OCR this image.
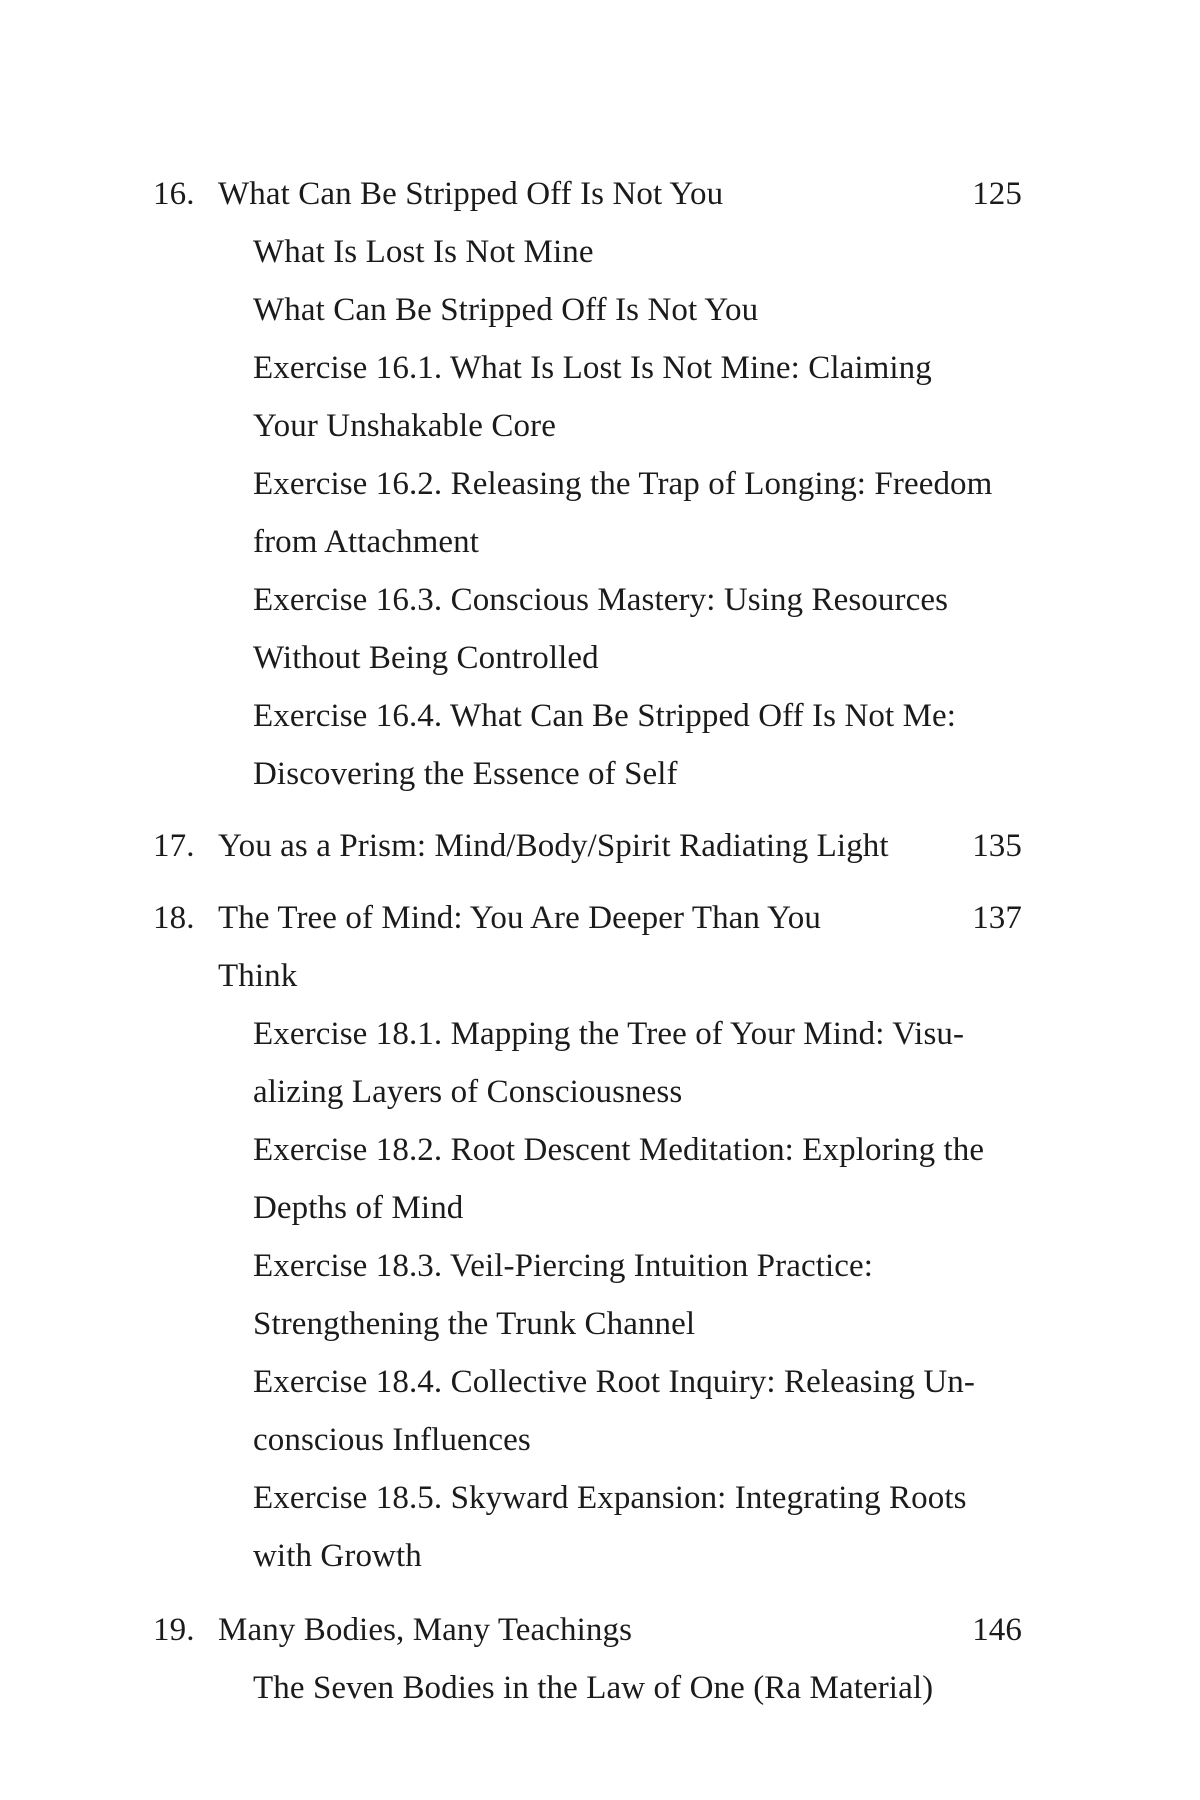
16. What Can Be Stripped Off Is Not You	125
What Is Lost Is Not Mine
What Can Be Stripped Off Is Not You
Exercise 16.1. What Is Lost Is Not Mine: Claiming
Your Unshakable Core
Exercise 16.2. Releasing the Trap of Longing: Freedom
from Attachment
Exercise 16.3. Conscious Mastery: Using Resources
Without Being Controlled
Exercise 16.4. What Can Be Stripped Off Is Not Me:
Discovering the Essence of Self
17. You as a Prism: Mind/Body/Spirit Radiating Light	135
18. The Tree of Mind: You Are Deeper Than You	137
Think
Exercise 18.1. Mapping the Tree of Your Mind: Visu-
alizing Layers of Consciousness
Exercise 18.2. Root Descent Meditation: Exploring the
Depths of Mind
Exercise 18.3. Veil-Piercing Intuition Practice:
Strengthening the Trunk Channel
Exercise 18.4. Collective Root Inquiry: Releasing Un-
conscious Influences
Exercise 18.5. Skyward Expansion: Integrating Roots
with Growth
19. Many Bodies, Many Teachings	146
The Seven Bodies in the Law of One (Ra Material)
